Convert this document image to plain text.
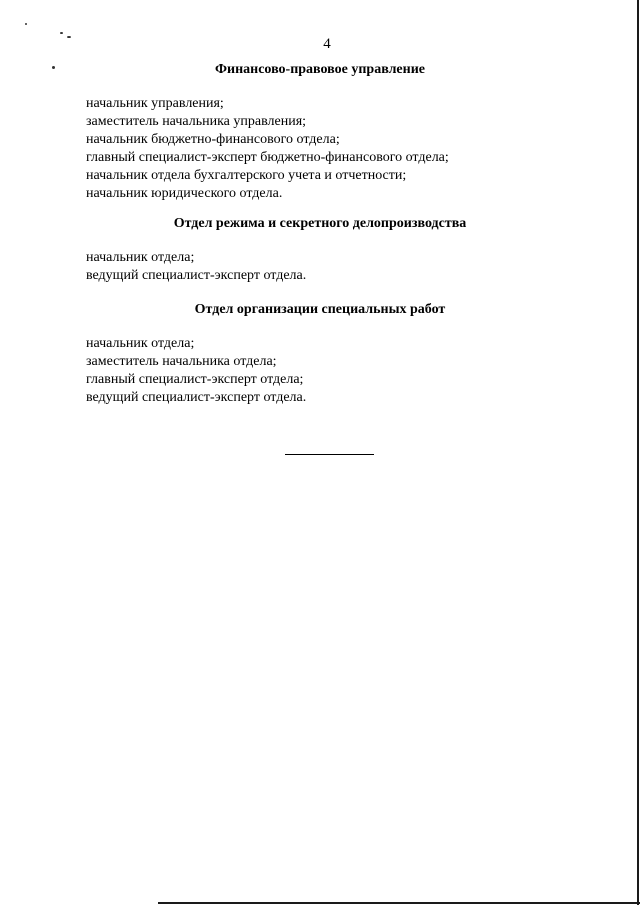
4
Финансово-правовое управление
начальник управления;
заместитель начальника управления;
начальник бюджетно-финансового отдела;
главный специалист-эксперт бюджетно-финансового отдела;
начальник отдела бухгалтерского учета и отчетности;
начальник юридического отдела.
Отдел режима и секретного делопроизводства
начальник отдела;
ведущий специалист-эксперт отдела.
Отдел организации специальных работ
начальник отдела;
заместитель начальника отдела;
главный специалист-эксперт отдела;
ведущий специалист-эксперт отдела.
